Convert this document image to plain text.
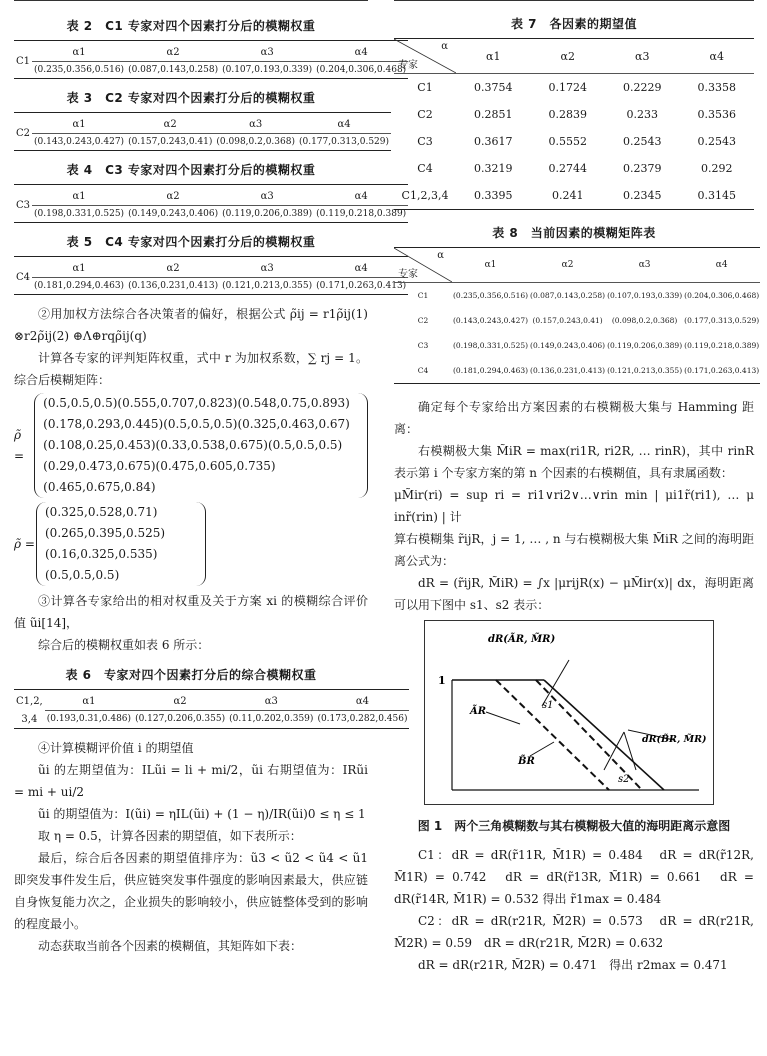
表 2　C1 专家对四个因素打分后的模糊权重
C1	α1	α2	α3	α4
	(0.235,0.356,0.516)	(0.087,0.143,0.258)	(0.107,0.193,0.339)	(0.204,0.306,0.468)
表 3　C2 专家对四个因素打分后的模糊权重
C2	α1	α2	α3	α4
	(0.143,0.243,0.427)	(0.157,0.243,0.41)	(0.098,0.2,0.368)	(0.177,0.313,0.529)
表 4　C3 专家对四个因素打分后的模糊权重
C3	α1	α2	α3	α4
	(0.198,0.331,0.525)	(0.149,0.243,0.406)	(0.119,0.206,0.389)	(0.119,0.218,0.389)
表 5　C4 专家对四个因素打分后的模糊权重
C4	α1	α2	α3	α4
	(0.181,0.294,0.463)	(0.136,0.231,0.413)	(0.121,0.213,0.355)	(0.171,0.263,0.413)

②用加权方法综合各决策者的偏好，根据公式 ρ̃ij = r1ρ̃ij(1) ⊗r2ρ̃ij(2) ⊕Λ⊕rqρ̃ij(q)

计算各专家的评判矩阵权重，式中 r 为加权系数，∑ rj = 1。综合后模糊矩阵：

ρ̃ =
(0.5,0.5,0.5)(0.555,0.707,0.823)(0.548,0.75,0.893)
(0.178,0.293,0.445)(0.5,0.5,0.5)(0.325,0.463,0.67)
(0.108,0.25,0.453)(0.33,0.538,0.675)(0.5,0.5,0.5)
(0.29,0.473,0.675)(0.475,0.605,0.735)(0.465,0.675,0.84)
ρ̃ =
(0.325,0.528,0.71)
(0.265,0.395,0.525)
(0.16,0.325,0.535)
(0.5,0.5,0.5)

③计算各专家给出的相对权重及关于方案 xi 的模糊综合评价值 ũi[14]，

综合后的模糊权重如表 6 所示：

表 6　专家对四个因素打分后的综合模糊权重
C1,2,	α1	α2	α3	α4
3,4	(0.193,0.31,0.486)	(0.127,0.206,0.355)	(0.11,0.202,0.359)	(0.173,0.282,0.456)

④计算模糊评价值 i 的期望值

ũi 的左期望值为：ILũi = li + mi/2，ũi 右期望值为：IRũi = mi + ui/2

ũi 的期望值为：I(ũi) = ηIL(ũi) + (1 − η)/IR(ũi)0 ≤ η ≤ 1

取 η = 0.5，计算各因素的期望值，如下表所示：

最后，综合后各因素的期望值排序为：ũ3 < ũ2 < ũ4 < ũ1 即突发事件发生后，供应链突发事件强度的影响因素最大，供应链自身恢复能力次之，企业损失的影响较小，供应链整体受到的影响的程度最小。

动态获取当前各个因素的模糊值，其矩阵如下表：

表 7　各因素的期望值
α
专家	α1	α2	α3	α4
C1	0.3754	0.1724	0.2229	0.3358
C2	0.2851	0.2839	0.233	0.3536
C3	0.3617	0.5552	0.2543	0.2543
C4	0.3219	0.2744	0.2379	0.292
C1,2,3,4	0.3395	0.241	0.2345	0.3145
表 8　当前因素的模糊矩阵表
α
专家	α1	α2	α3	α4
C1	(0.235,0.356,0.516)	(0.087,0.143,0.258)	(0.107,0.193,0.339)	(0.204,0.306,0.468)
C2	(0.143,0.243,0.427)	(0.157,0.243,0.41)	(0.098,0.2,0.368)	(0.177,0.313,0.529)
C3	(0.198,0.331,0.525)	(0.149,0.243,0.406)	(0.119,0.206,0.389)	(0.119,0.218,0.389)
C4	(0.181,0.294,0.463)	(0.136,0.231,0.413)	(0.121,0.213,0.355)	(0.171,0.263,0.413)

确定每个专家给出方案因素的右模糊极大集与 Hamming 距离：

右模糊极大集 M̃iR = max(ri1R, ri2R, … rinR)，其中 rinR 表示第 i 个专家方案的第 n 个因素的右模糊值，具有隶属函数：

μM̃ir(ri) = sup ri = ri1∨ri2∨…∨rin min | μi1r̃(ri1), … μ inr̃(rin) | 计

算右模糊集 r̃ijR，j = 1, … , n 与右模糊极大集 M̃iR 之间的海明距离公式为：

dR = (r̃ijR, M̃iR) = ∫x |μrijR(x) − μM̃ir(x)| dx，海明距离可以用下图中 s1、s2 表示：

dR(ÃR, M̃R)
1
s1
ÃR
B̃R
s2
dR(B̃R, M̃R)
图 1　两个三角模糊数与其右模糊极大值的海明距离示意图

C1：dR = dR(r̃11R, M̃1R) = 0.484　dR = dR(r̃12R, M̃1R) = 0.742　dR = dR(r̃13R, M̃1R) = 0.661　dR = dR(r̃14R, M̃1R) = 0.532 得出 r̃1max = 0.484

C2：dR = dR(r21R, M̃2R) = 0.573　dR = dR(r21R, M̃2R) = 0.59　dR = dR(r21R, M̃2R) = 0.632

dR = dR(r21R, M̃2R) = 0.471　得出 r2max = 0.471
